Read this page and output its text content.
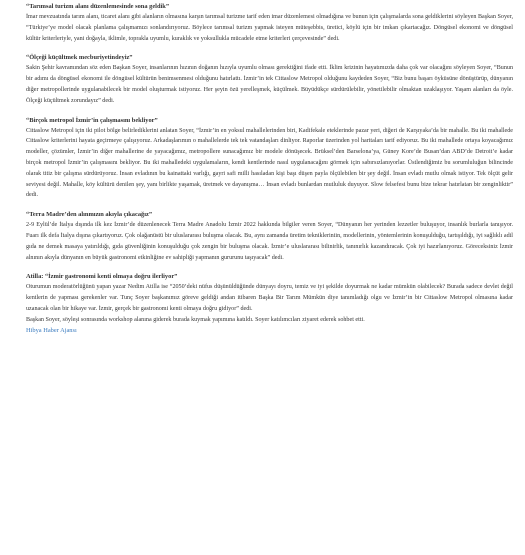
“Tarımsal turizm alanı düzenlemesinde sona geldik”

İmar mevzuatında tarım alanı, ticaret alanı gibi alanların olmasına karşın tarımsal turizme tarif eden imar düzenlemesi olmadığına ve bunun için çalışmalarda sona geldiklerini söyleyen Başkan Soyer, “Türkiye’ye model olacak planlama çalışmamızı sonlandırıyoruz. Böylece tarımsal turizm yapmak isteyen müteşebbis, üretici, köylü için bir imkan çıkartacağız. Döngüsel ekonomi ve döngüsel kültür kriterleriyle, yani doğayla, iklimle, toprakla uyumlu, kuraklık ve yoksullukla mücadele etme kriterleri çerçevesinde” dedi.

“Ölçeği küçültmek mecburiyetindeyiz”

Sakin Şehir kavramından söz eden Başkan Soyer, insanlarının hızının doğanın hızıyla uyumlu olması gerektiğini ifade etti. İklim krizinin hayatımızda daha çok var olacağını söyleyen Soyer, “Bunun bir adımı da döngüsel ekonomi ile döngüsel kültürün benimsenmesi olduğunu hatırlattı. İzmir’in tek Cittaslow Metropol olduğunu kaydeden Soyer, “Biz bunu başarı öyküsüne dönüştürüp, dünyanın diğer metropollerinde uygulanabilecek bir model oluşturmak istiyoruz. Her şeyin özü yerelleşmek, küçülmek. Büyüdükçe sürdürülebilir, yönetilebilir olmaktan uzaklaşıyor. Yaşam alanları da öyle. Ölçeği küçültmek zorundayız” dedi.

“Birçok metropol İzmir’in çalışmasını bekliyor”

Cittaslow Metropol için iki pilot bölge belirlediklerini anlatan Soyer, “İzmir’in en yoksul mahallelerinden biri, Kadifekale eteklerinde pazar yeri, diğeri de Karşıyaka’da bir mahalle. Bu iki mahallede Cittaslow kriterlerini hayata geçirmeye çalışıyoruz. Arkadaşlarımın o mahallelerde tek tek vatandaşları dinliyor. Raporlar üzerinden yol haritaları tarif ediyoruz. Bu iki mahallede ortaya koyacağımız modeller, çözümler, İzmir’in diğer mahallerine de yayacağımız, metropollere sunacağımız bir modele dönüşecek. Brüksel’den Barselona’ya, Güney Kore’de Busan’dan ABD’de Detroit’e kadar birçok metropol İzmir’in çalışmasını bekliyor. Bu iki mahalledeki uygulamaların, kendi kentlerinde nasıl uygulanacağını görmek için sabırsızlanıyorlar. Üstlendiğimiz bu sorumluluğun bilincinde olarak titiz bir çalışma sürdürüyoruz. İnsan evladının bu kainattaki varlığı, gayri safi milli hasıladan kişi başı düşen payla ölçülebilen bir şey değil. İnsan evladı mutlu olmak istiyor. Tek ölçüt gelir seviyesi değil. Mahalle, köy kültürü denilen şey, yanı birlikte yaşamak, üretmek ve dayanışma… İnsan evladı bunlardan mutluluk duyuyor. Slow felsefesi bunu bize tekrar hatırlatan bir zenginliktir” dedi.

“Terra Madre’den alınmızın akıyla çıkacağız”

2-9 Eylül’de İtalya dışında ilk kez İzmir’de düzenlenecek Terra Madre Anadolu İzmir 2022 hakkında bilgiler veren Soyer, “Dünyanın her yerinden lezzetler buluşuyor, insanlık burlarla tanışıyor. Fuarı ilk defa İtalya dışına çıkartıyoruz. Çok olağanüstü bir uluslararası buluşma olacak. Bu, aynı zamanda üretim teknikleriniin, modellerinin, yöntemlerinin konuşulduğu, tartışıldığı, iyi sağlıklı adil gıda ne demek masaya yatırıldığı, gıda güvenliğinin konuşulduğu çok zengin bir buluşma olacak. İzmir’e uluslararası bilinirlik, tanınırlık kazandıracak. Çok iyi hazırlanıyoruz. Göreceksiniz İzmir alnının akıyla dünyanın en büyük gastronomi etkinliğine ev sahipliği yapmanın gururunu taşıyacak” dedi.

Atilla: “İzmir gastronomi kenti olmaya doğru ilerliyor”

Oturumun moderatörlüğünü yapan yazar Nedim Atilla ise “2050’deki nüfus düşünüldüğünde dünyayı doyru, temiz ve iyi şekilde doyurmak ne kadar mümkün olabilecek? Burada sadece devlet değil kentlerin de yapması gerekenler var. Tunç Soyer başkanımız göreve geldiği andan itibaren Başka Bir Tarım Mümkün diye tanımladığı olgu ve İzmir’in bir Cittaslow Metropol olmasına kadar uzanacak olan bir hikaye var. İzmir, gerçek bir gastronomi kenti olmaya doğru gidiyor” dedi.

Başkan Soyer, söyleşi sonrasında workshop alanına giderek burada kuymak yapımına katıldı. Soyer katılımcıları ziyaret ederek sohbet etti.

Hibya Haber Ajansı
